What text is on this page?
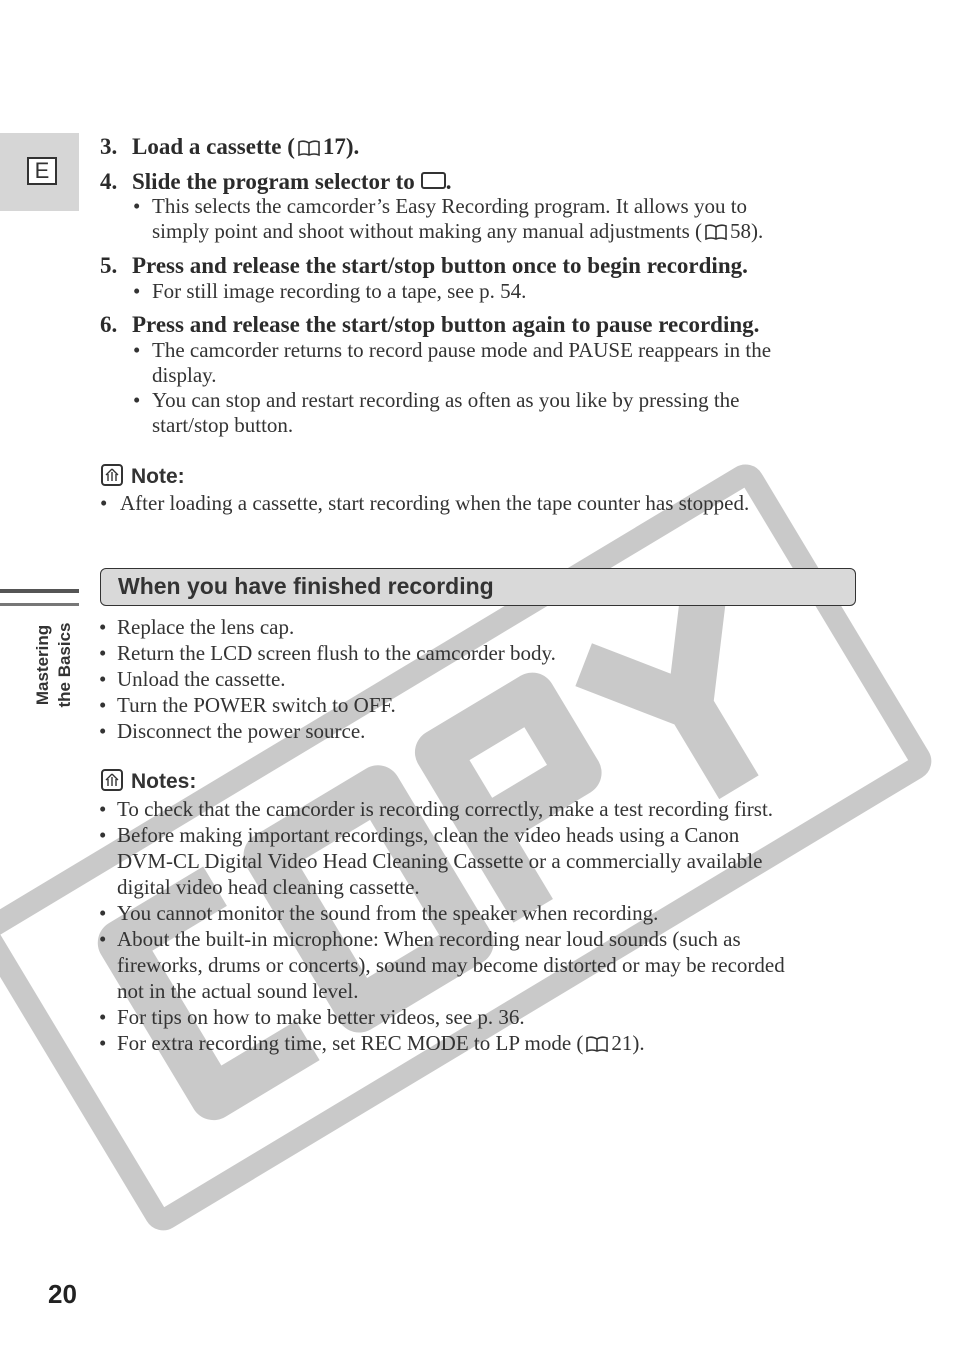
E
Mastering the Basics
3. Load a cassette ( 17).
4. Slide the program selector to .
• This selects the camcorder’s Easy Recording program. It allows you to
simply point and shoot without making any manual adjustments ( 58).
5. Press and release the start/stop button once to begin recording.
• For still image recording to a tape, see p. 54.
6. Press and release the start/stop button again to pause recording.
• The camcorder returns to record pause mode and PAUSE reappears in the
display.
• You can stop and restart recording as often as you like by pressing the
start/stop button.
Note:
• After loading a cassette, start recording when the tape counter has stopped.
When you have finished recording
• Replace the lens cap.
• Return the LCD screen flush to the camcorder body.
• Unload the cassette.
• Turn the POWER switch to OFF.
• Disconnect the power source.
Notes:
• To check that the camcorder is recording correctly, make a test recording first.
• Before making important recordings, clean the video heads using a Canon
DVM-CL Digital Video Head Cleaning Cassette or a commercially available
digital video head cleaning cassette.
• You cannot monitor the sound from the speaker when recording.
• About the built-in microphone: When recording near loud sounds (such as
fireworks, drums or concerts), sound may become distorted or may be recorded
not in the actual sound level.
• For tips on how to make better videos, see p. 36.
• For extra recording time, set REC MODE to LP mode ( 21).
20
